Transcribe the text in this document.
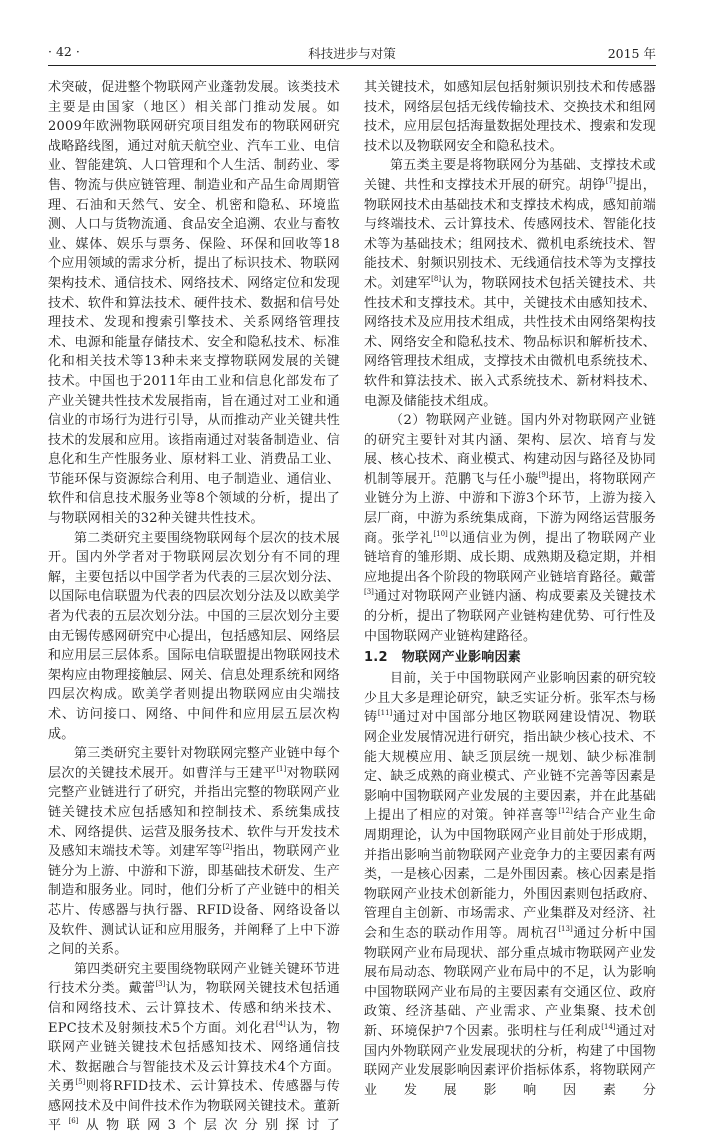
· 42 ·	科技进步与对策	2015 年

术突破，促进整个物联网产业蓬勃发展。该类技术主要是由国家（地区）相关部门推动发展。如2009年欧洲物联网研究项目组发布的物联网研究战略路线图，通过对航天航空业、汽车工业、电信业、智能建筑、人口管理和个人生活、制药业、零售、物流与供应链管理、制造业和产品生命周期管理、石油和天然气、安全、机密和隐私、环境监测、人口与货物流通、食品安全追溯、农业与畜牧业、媒体、娱乐与票务、保险、环保和回收等18个应用领域的需求分析，提出了标识技术、物联网架构技术、通信技术、网络技术、网络定位和发现技术、软件和算法技术、硬件技术、数据和信号处理技术、发现和搜索引擎技术、关系网络管理技术、电源和能量存储技术、安全和隐私技术、标准化和相关技术等13种未来支撑物联网发展的关键技术。中国也于2011年由工业和信息化部发布了产业关键共性技术发展指南，旨在通过对工业和通信业的市场行为进行引导，从而推动产业关键共性技术的发展和应用。该指南通过对装备制造业、信息化和生产性服务业、原材料工业、消费品工业、节能环保与资源综合利用、电子制造业、通信业、软件和信息技术服务业等8个领域的分析，提出了与物联网相关的32种关键共性技术。

第二类研究主要围绕物联网每个层次的技术展开。国内外学者对于物联网层次划分有不同的理解，主要包括以中国学者为代表的三层次划分法、以国际电信联盟为代表的四层次划分法及以欧美学者为代表的五层次划分法。中国的三层次划分主要由无锡传感网研究中心提出，包括感知层、网络层和应用层三层体系。国际电信联盟提出物联网技术架构应由物理接触层、网关、信息处理系统和网络四层次构成。欧美学者则提出物联网应由尖端技术、访问接口、网络、中间件和应用层五层次构成。

第三类研究主要针对物联网完整产业链中每个层次的关键技术展开。如曹洋与王建平[1]对物联网完整产业链进行了研究，并指出完整的物联网产业链关键技术应包括感知和控制技术、系统集成技术、网络提供、运营及服务技术、软件与开发技术及感知末端技术等。刘建军等[2]指出，物联网产业链分为上游、中游和下游，即基础技术研发、生产制造和服务业。同时，他们分析了产业链中的相关芯片、传感器与执行器、RFID设备、网络设备以及软件、测试认证和应用服务，并阐释了上中下游之间的关系。

第四类研究主要围绕物联网产业链关键环节进行技术分类。戴蕾[3]认为，物联网关键技术包括通信和网络技术、云计算技术、传感和纳米技术、EPC技术及射频技术5个方面。刘化君[4]认为，物联网产业链关键技术包括感知技术、网络通信技术、数据融合与智能技术及云计算技术4个方面。关勇[5]则将RFID技术、云计算技术、传感器与传感网技术及中间件技术作为物联网关键技术。董新平[6]从物联网3个层次分别探讨了

其关键技术，如感知层包括射频识别技术和传感器技术，网络层包括无线传输技术、交换技术和组网技术，应用层包括海量数据处理技术、搜索和发现技术以及物联网安全和隐私技术。

第五类主要是将物联网分为基础、支撑技术或关键、共性和支撑技术开展的研究。胡铮[7]提出，物联网技术由基础技术和支撑技术构成，感知前端与终端技术、云计算技术、传感网技术、智能化技术等为基础技术；组网技术、微机电系统技术、智能技术、射频识别技术、无线通信技术等为支撑技术。刘建军[8]认为，物联网技术包括关键技术、共性技术和支撑技术。其中，关键技术由感知技术、网络技术及应用技术组成，共性技术由网络架构技术、网络安全和隐私技术、物品标识和解析技术、网络管理技术组成，支撑技术由微机电系统技术、软件和算法技术、嵌入式系统技术、新材料技术、电源及储能技术组成。

（2）物联网产业链。国内外对物联网产业链的研究主要针对其内涵、架构、层次、培育与发展、核心技术、商业模式、构建动因与路径及协同机制等展开。范鹏飞与任小璇[9]提出，将物联网产业链分为上游、中游和下游3个环节，上游为接入层厂商，中游为系统集成商，下游为网络运营服务商。张学礼[10]以通信业为例，提出了物联网产业链培育的雏形期、成长期、成熟期及稳定期，并相应地提出各个阶段的物联网产业链培育路径。戴蕾[3]通过对物联网产业链内涵、构成要素及关键技术的分析，提出了物联网产业链构建优势、可行性及中国物联网产业链构建路径。

1.2 物联网产业影响因素

目前，关于中国物联网产业影响因素的研究较少且大多是理论研究，缺乏实证分析。张军杰与杨铸[11]通过对中国部分地区物联网建设情况、物联网企业发展情况进行研究，指出缺少核心技术、不能大规模应用、缺乏顶层统一规划、缺少标准制定、缺乏成熟的商业模式、产业链不完善等因素是影响中国物联网产业发展的主要因素，并在此基础上提出了相应的对策。钟祥喜等[12]结合产业生命周期理论，认为中国物联网产业目前处于形成期，并指出影响当前物联网产业竞争力的主要因素有两类，一是核心因素，二是外围因素。核心因素是指物联网产业技术创新能力，外围因素则包括政府、管理自主创新、市场需求、产业集群及对经济、社会和生态的联动作用等。周杭召[13]通过分析中国物联网产业布局现状、部分重点城市物联网产业发展布局动态、物联网产业布局中的不足，认为影响中国物联网产业布局的主要因素有交通区位、政府政策、经济基础、产业需求、产业集聚、技术创新、环境保护7个因素。张明柱与任利成[14]通过对国内外物联网产业发展现状的分析，构建了中国物联网产业发展影响因素评价指标体系，将物联网产业发展影响因素分
